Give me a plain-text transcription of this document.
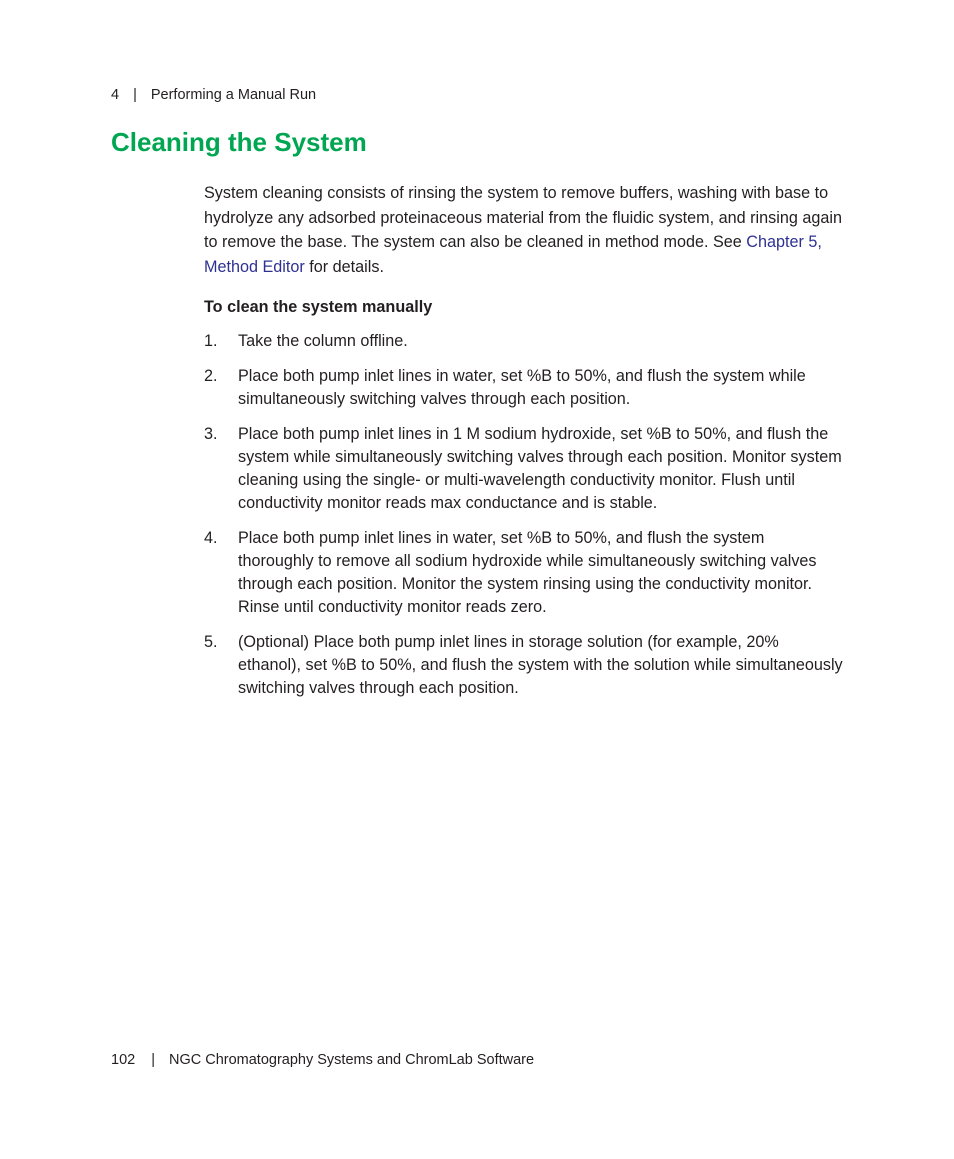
4 | Performing a Manual Run
Cleaning the System

System cleaning consists of rinsing the system to remove buffers, washing with base to hydrolyze any adsorbed proteinaceous material from the fluidic system, and rinsing again to remove the base. The system can also be cleaned in method mode. See Chapter 5, Method Editor for details.

To clean the system manually

1.	Take the column offline.
2.	Place both pump inlet lines in water, set %B to 50%, and flush the system while simultaneously switching valves through each position.
3.	Place both pump inlet lines in 1 M sodium hydroxide, set %B to 50%, and flush the system while simultaneously switching valves through each position. Monitor system cleaning using the single- or multi-wavelength conductivity monitor. Flush until conductivity monitor reads max conductance and is stable.
4.	Place both pump inlet lines in water, set %B to 50%, and flush the system thoroughly to remove all sodium hydroxide while simultaneously switching valves through each position. Monitor the system rinsing using the conductivity monitor. Rinse until conductivity monitor reads zero.
5.	(Optional) Place both pump inlet lines in storage solution (for example, 20% ethanol), set %B to 50%, and flush the system with the solution while simultaneously switching valves through each position.
102 | NGC Chromatography Systems and ChromLab Software
